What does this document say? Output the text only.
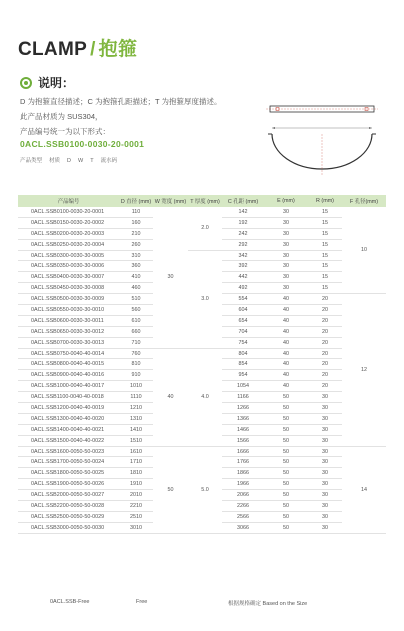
CLAMP / 抱箍
说明：
D 为抱箍直径描述；C 为抱箍孔距描述；T 为抱箍厚度描述。
此产品材质为 SUS304，
产品编号统一为以下形式：
0ACL.SSB0100-0030-20-0001
产品类型 材质 D W T 流水码
产品编号	D 直径 (mm)	W 宽度 (mm)	T 厚度 (mm)	C 孔距 (mm)	E (mm)	R (mm)	F 孔径(mm)
0ACL.SSB0100-0030-20-0001	110	30	2.0	142	30	15	10
0ACL.SSB0150-0030-20-0002	160			192	30	15	
0ACL.SSB0200-0030-20-0003	210			242	30	15	
0ACL.SSB0250-0030-20-0004	260			292	30	15	
0ACL.SSB0300-0030-30-0005	310		3.0	342	30	15	
0ACL.SSB0350-0030-30-0006	360			392	30	15	
0ACL.SSB0400-0030-30-0007	410			442	30	15	
0ACL.SSB0450-0030-30-0008	460			492	30	15	
0ACL.SSB0500-0030-30-0009	510			554	40	20	12
0ACL.SSB0550-0030-30-0010	560			604	40	20	
0ACL.SSB0600-0030-30-0011	610			654	40	20	
0ACL.SSB0650-0030-30-0012	660			704	40	20	
0ACL.SSB0700-0030-30-0013	710			754	40	20	
0ACL.SSB0750-0040-40-0014	760	40	4.0	804	40	20	
0ACL.SSB0800-0040-40-0015	810			854	40	20	
0ACL.SSB0900-0040-40-0016	910			954	40	20	
0ACL.SSB1000-0040-40-0017	1010			1054	40	20	
0ACL.SSB1100-0040-40-0018	1110			1166	50	30	
0ACL.SSB1200-0040-40-0019	1210			1266	50	30	
0ACL.SSB1300-0040-40-0020	1310			1366	50	30	
0ACL.SSB1400-0040-40-0021	1410			1466	50	30	
0ACL.SSB1500-0040-40-0022	1510			1566	50	30	
0ACL.SSB1600-0050-50-0023	1610	50	5.0	1666	50	30	14
0ACL.SSB1700-0050-50-0024	1710			1766	50	30	
0ACL.SSB1800-0050-50-0025	1810			1866	50	30	
0ACL.SSB1900-0050-50-0026	1910			1966	50	30	
0ACL.SSB2000-0050-50-0027	2010			2066	50	30	
0ACL.SSB2200-0050-50-0028	2210			2266	50	30	
0ACL.SSB2500-0050-50-0029	2510			2566	50	30	
0ACL.SSB3000-0050-50-0030	3010			3066	50	30	
0ACL.SSB-Free	Free	根据规格确定 Based on the Size
